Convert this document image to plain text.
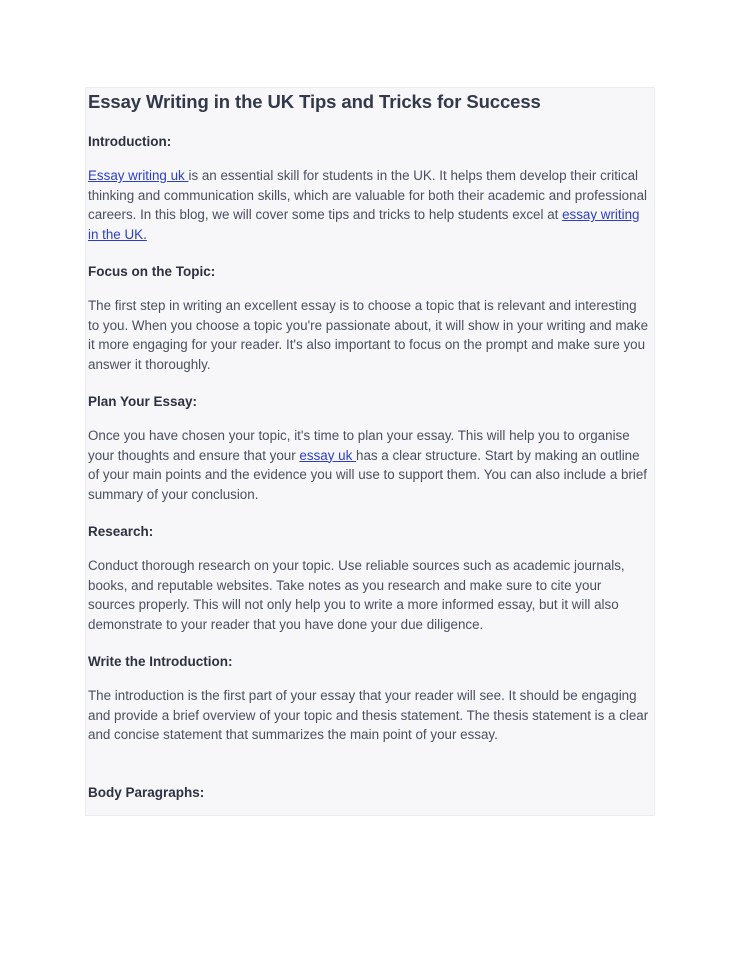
Essay Writing in the UK Tips and Tricks for Success
Introduction:

Essay writing uk is an essential skill for students in the UK. It helps them develop their critical thinking and communication skills, which are valuable for both their academic and professional careers. In this blog, we will cover some tips and tricks to help students excel at essay writing in the UK.

Focus on the Topic:

The first step in writing an excellent essay is to choose a topic that is relevant and interesting to you. When you choose a topic you're passionate about, it will show in your writing and make it more engaging for your reader. It's also important to focus on the prompt and make sure you answer it thoroughly.

Plan Your Essay:

Once you have chosen your topic, it's time to plan your essay. This will help you to organise your thoughts and ensure that your essay uk has a clear structure. Start by making an outline of your main points and the evidence you will use to support them. You can also include a brief summary of your conclusion.

Research:

Conduct thorough research on your topic. Use reliable sources such as academic journals, books, and reputable websites. Take notes as you research and make sure to cite your sources properly. This will not only help you to write a more informed essay, but it will also demonstrate to your reader that you have done your due diligence.

Write the Introduction:

The introduction is the first part of your essay that your reader will see. It should be engaging and provide a brief overview of your topic and thesis statement. The thesis statement is a clear and concise statement that summarizes the main point of your essay.

Body Paragraphs:
